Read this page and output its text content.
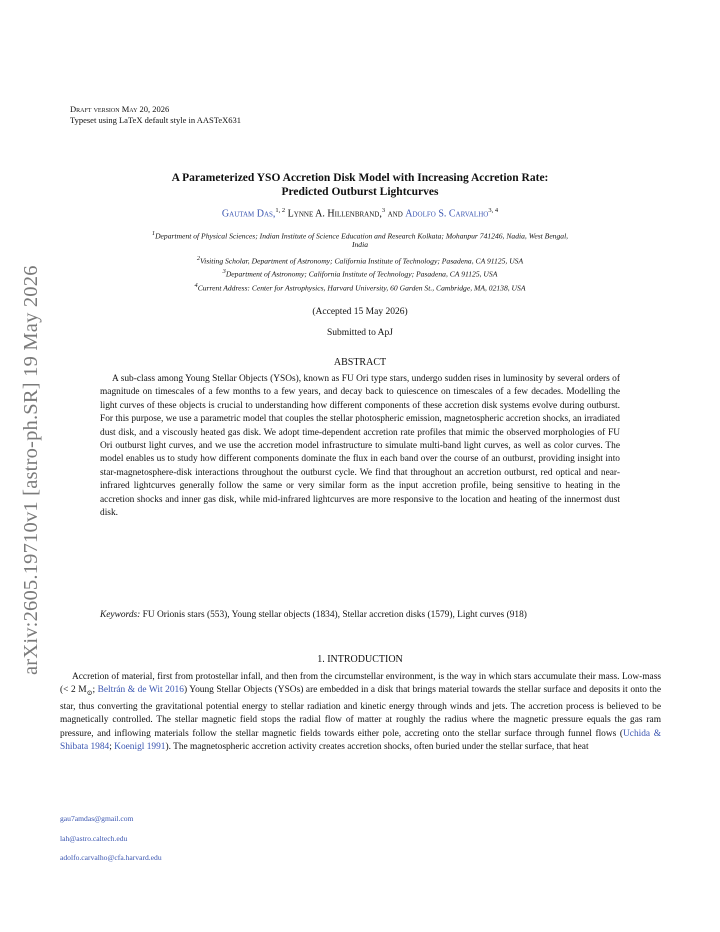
arXiv:2605.19710v1 [astro-ph.SR] 19 May 2026
Draft version May 20, 2026
Typeset using LaTeX default style in AASTeX631
A Parameterized YSO Accretion Disk Model with Increasing Accretion Rate:
Predicted Outburst Lightcurves
Gautam Das,$^{1, 2}$ Lynne A. Hillenbrand,$^3$ and Adolfo S. Carvalho$^{3, 4}$
$^1$Department of Physical Sciences; Indian Institute of Science Education and Research Kolkata; Mohanpur 741246, Nadia, West Bengal,
India
$^2$Visiting Scholar, Department of Astronomy; California Institute of Technology; Pasadena, CA 91125, USA
$^3$Department of Astronomy; California Institute of Technology; Pasadena, CA 91125, USA
$^4$Current Address: Center for Astrophysics, Harvard University, 60 Garden St., Cambridge, MA, 02138, USA
(Accepted 15 May 2026)
Submitted to ApJ
ABSTRACT
A sub-class among Young Stellar Objects (YSOs), known as FU Ori type stars, undergo sudden rises in luminosity by several orders of magnitude on timescales of a few months to a few years, and decay back to quiescence on timescales of a few decades. Modelling the light curves of these objects is crucial to understanding how different components of these accretion disk systems evolve during outburst. For this purpose, we use a parametric model that couples the stellar photospheric emission, magnetospheric accretion shocks, an irradiated dust disk, and a viscously heated gas disk. We adopt time-dependent accretion rate profiles that mimic the observed morphologies of FU Ori outburst light curves, and we use the accretion model infrastructure to simulate multi-band light curves, as well as color curves. The model enables us to study how different components dominate the flux in each band over the course of an outburst, providing insight into star-magnetosphere-disk interactions throughout the outburst cycle. We find that throughout an accretion outburst, red optical and near-infrared lightcurves generally follow the same or very similar form as the input accretion profile, being sensitive to heating in the accretion shocks and inner gas disk, while mid-infrared lightcurves are more responsive to the location and heating of the innermost dust disk.
Keywords: FU Orionis stars (553), Young stellar objects (1834), Stellar accretion disks (1579), Light curves (918)
1. INTRODUCTION
Accretion of material, first from protostellar infall, and then from the circumstellar environment, is the way in which stars accumulate their mass. Low-mass (< 2 $M_⊙$; Beltrán & de Wit 2016) Young Stellar Objects (YSOs) are embedded in a disk that brings material towards the stellar surface and deposits it onto the star, thus converting the gravitational potential energy to stellar radiation and kinetic energy through winds and jets. The accretion process is believed to be magnetically controlled. The stellar magnetic field stops the radial flow of matter at roughly the radius where the magnetic pressure equals the gas ram pressure, and inflowing materials follow the stellar magnetic fields towards either pole, accreting onto the stellar surface through funnel flows (Uchida & Shibata 1984; Koenigl 1991). The magnetospheric accretion activity creates accretion shocks, often buried under the stellar surface, that heat
gau7amdas@gmail.com
lah@astro.caltech.edu
adolfo.carvalho@cfa.harvard.edu
